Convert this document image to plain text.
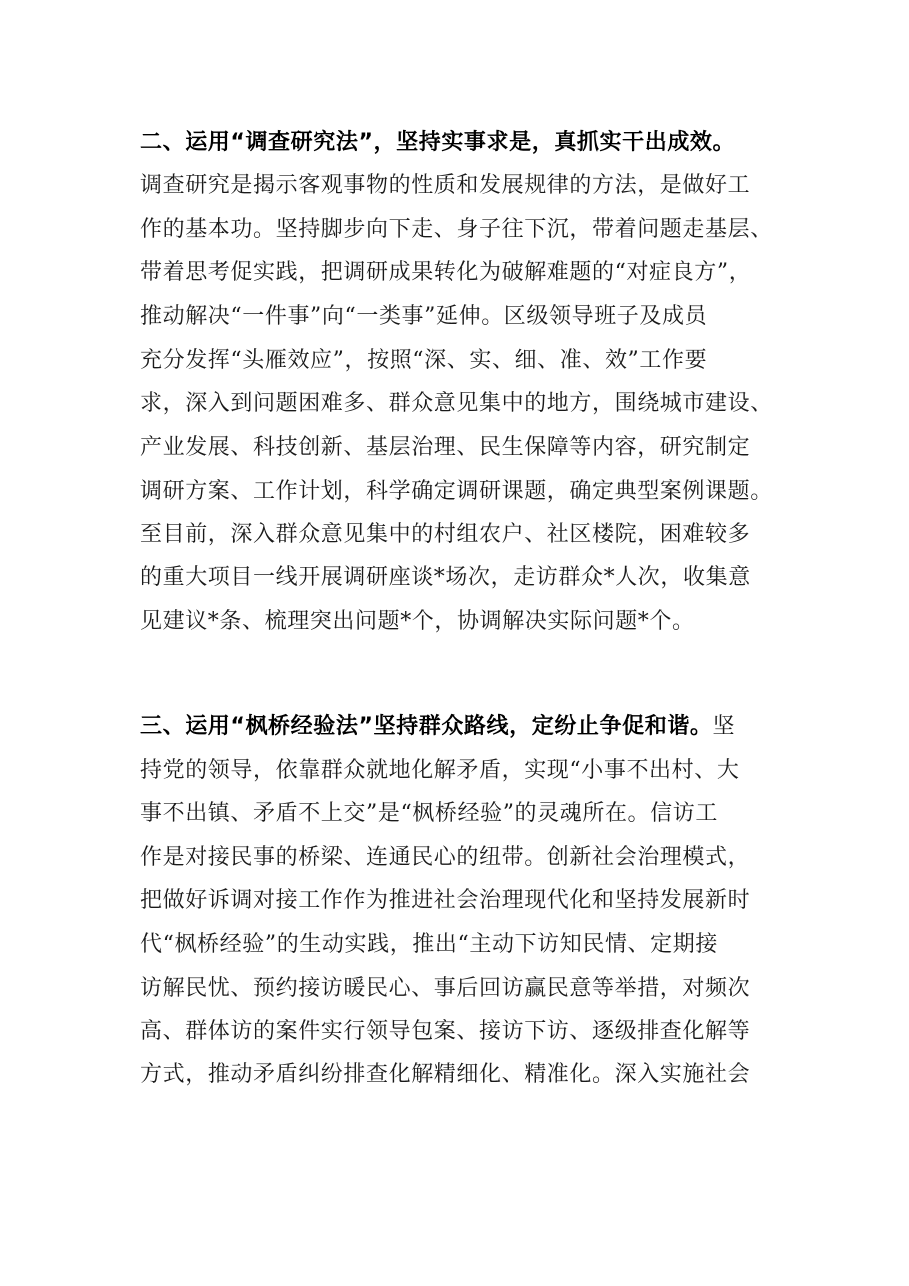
二、运用“调查研究法”，坚持实事求是，真抓实干出成效。
调查研究是揭示客观事物的性质和发展规律的方法，是做好工
作的基本功。坚持脚步向下走、身子往下沉，带着问题走基层、
带着思考促实践，把调研成果转化为破解难题的“对症良方”，
推动解决“一件事”向“一类事”延伸。区级领导班子及成员
充分发挥“头雁效应”，按照“深、实、细、准、效”工作要
求，深入到问题困难多、群众意见集中的地方，围绕城市建设、
产业发展、科技创新、基层治理、民生保障等内容，研究制定
调研方案、工作计划，科学确定调研课题，确定典型案例课题。
至目前，深入群众意见集中的村组农户、社区楼院，困难较多
的重大项目一线开展调研座谈*场次，走访群众*人次，收集意
见建议*条、梳理突出问题*个，协调解决实际问题*个。
三、运用“枫桥经验法”坚持群众路线，定纷止争促和谐。坚
持党的领导，依靠群众就地化解矛盾，实现“小事不出村、大
事不出镇、矛盾不上交”是“枫桥经验”的灵魂所在。信访工
作是对接民事的桥梁、连通民心的纽带。创新社会治理模式，
把做好诉调对接工作作为推进社会治理现代化和坚持发展新时
代“枫桥经验”的生动实践，推出“主动下访知民情、定期接
访解民忧、预约接访暖民心、事后回访赢民意等举措，对频次
高、群体访的案件实行领导包案、接访下访、逐级排查化解等
方式，推动矛盾纠纷排查化解精细化、精准化。深入实施社会
